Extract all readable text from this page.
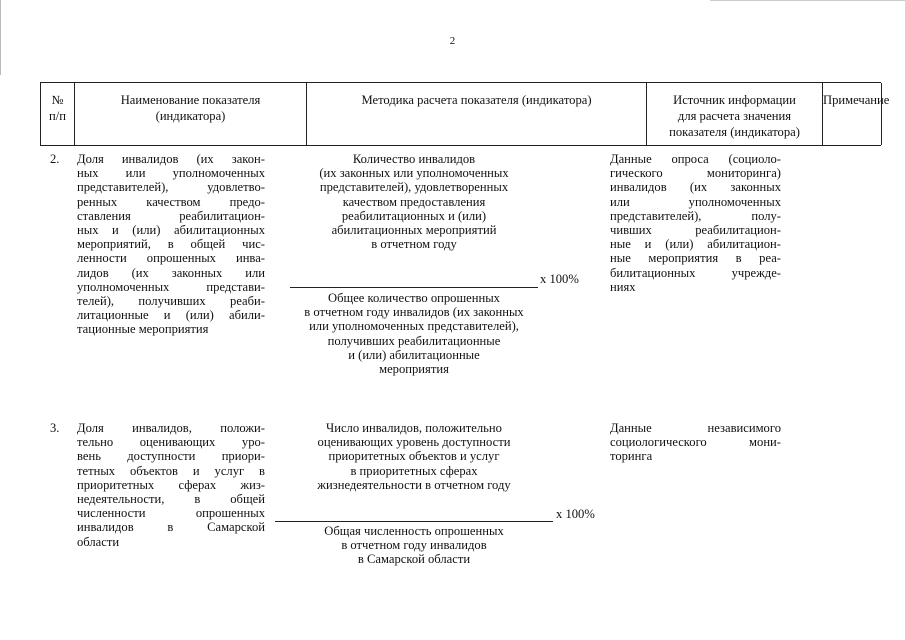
2
№
п/п
Наименование показателя
(индикатора)
Методика расчета показателя (индикатора)	Источник информации
для расчета значения
показателя (индикатора)
Примечание
2. Доля инвалидов (их закон-
ных или уполномоченных
представителей), удовлетво-
ренных качеством предо-
ставления реабилитацион-
ных и (или) абилитационных
мероприятий, в общей чис-
ленности опрошенных инва-
лидов (их законных или
уполномоченных представи-
телей), получивших реаби-
литационные и (или) абили-
тационные мероприятия
Количество инвалидов
(их законных или уполномоченных
представителей), удовлетворенных
качеством предоставления
реабилитационных и (или)
абилитационных мероприятий
в отчетном году
x 100%
Общее количество опрошенных
в отчетном году инвалидов (их законных
или уполномоченных представителей),
получивших реабилитационные
и (или) абилитационные
мероприятия
Данные опроса (социоло-
гического мониторинга)
инвалидов (их законных
или уполномоченных
представителей), полу-
чивших реабилитацион-
ные и (или) абилитацион-
ные мероприятия в реа-
билитационных учрежде-
ниях
3. Доля инвалидов, положи-
тельно оценивающих уро-
вень доступности приори-
тетных объектов и услуг в
приоритетных сферах жиз-
недеятельности, в общей
численности опрошенных
инвалидов в Самарской
области
Число инвалидов, положительно
оценивающих уровень доступности
приоритетных объектов и услуг
в приоритетных сферах
жизнедеятельности в отчетном году
x 100%
Общая численность опрошенных
в отчетном году инвалидов
в Самарской области
Данные независимого
социологического мони-
торинга
